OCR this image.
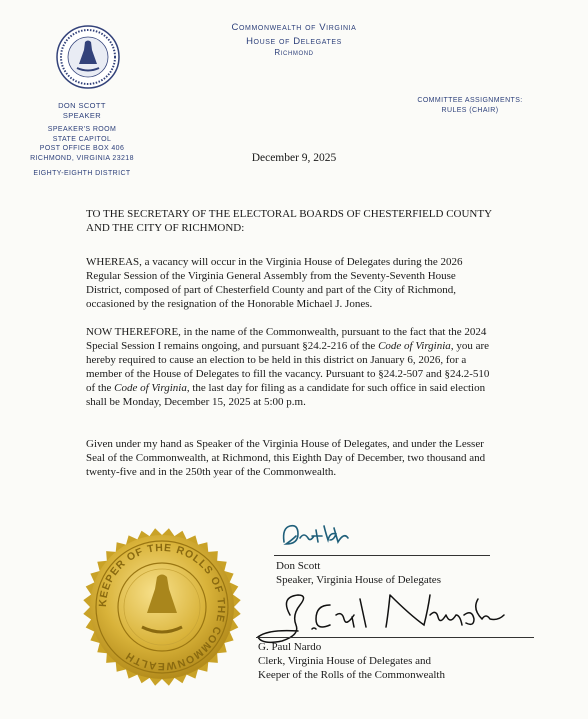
Commonwealth of Virginia
House of Delegates
Richmond
DON SCOTT
SPEAKER
SPEAKER'S ROOM
STATE CAPITOL
POST OFFICE BOX 406
RICHMOND, VIRGINIA 23218
EIGHTY-EIGHTH DISTRICT
COMMITTEE ASSIGNMENTS:
RULES (CHAIR)
December 9, 2025
TO THE SECRETARY OF THE ELECTORAL BOARDS OF CHESTERFIELD COUNTY AND THE CITY OF RICHMOND:
WHEREAS, a vacancy will occur in the Virginia House of Delegates during the 2026 Regular Session of the Virginia General Assembly from the Seventy-Seventh House District, composed of part of Chesterfield County and part of the City of Richmond, occasioned by the resignation of the Honorable Michael J. Jones.
NOW THEREFORE, in the name of the Commonwealth, pursuant to the fact that the 2024 Special Session I remains ongoing, and pursuant §24.2-216 of the Code of Virginia, you are hereby required to cause an election to be held in this district on January 6, 2026, for a member of the House of Delegates to fill the vacancy. Pursuant to §24.2-507 and §24.2-510 of the Code of Virginia, the last day for filing as a candidate for such office in said election shall be Monday, December 15, 2025 at 5:00 p.m.
Given under my hand as Speaker of the Virginia House of Delegates, and under the Lesser Seal of the Commonwealth, at Richmond, this Eighth Day of December, two thousand and twenty-five and in the 250th year of the Commonwealth.
Don Scott
Speaker, Virginia House of Delegates
G. Paul Nardo
Clerk, Virginia House of Delegates and
Keeper of the Rolls of the Commonwealth
KEEPER OF THE ROLLS OF THE COMMONWEALTH
